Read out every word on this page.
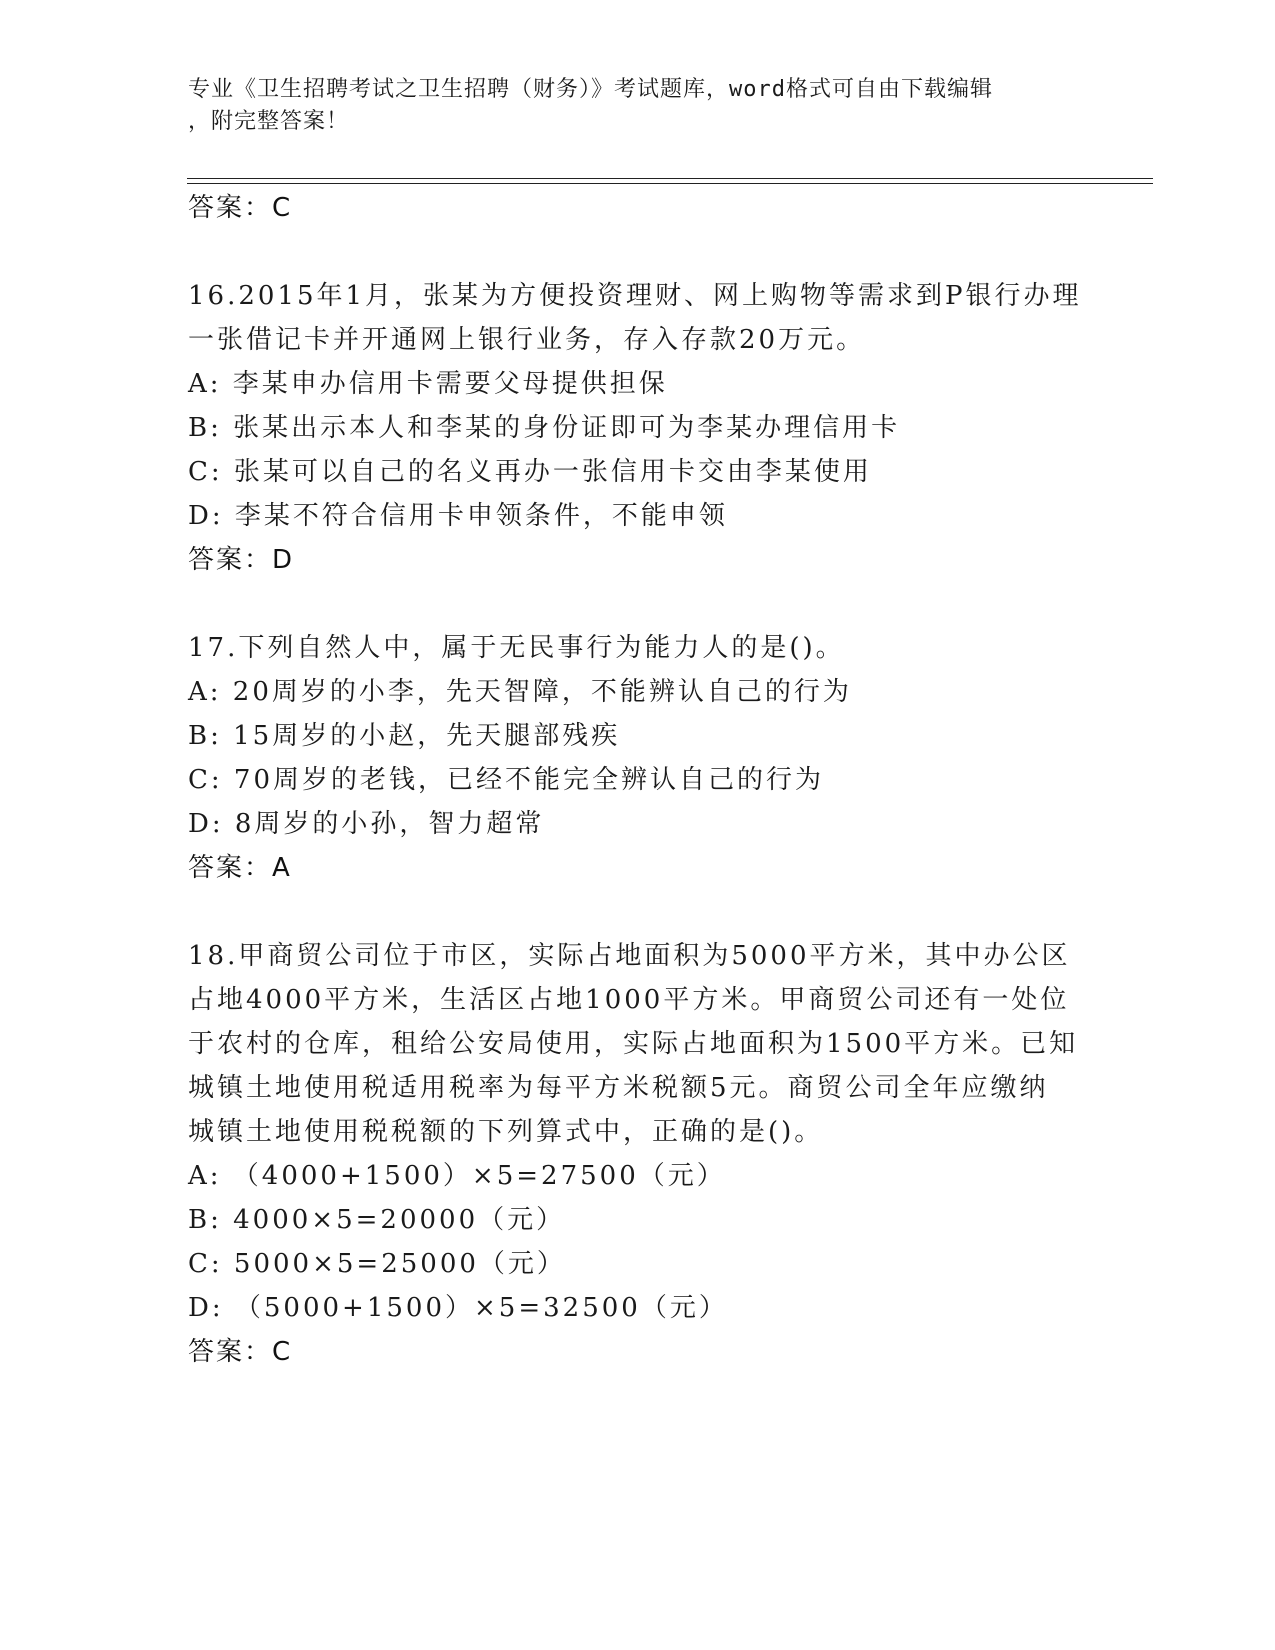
专业《卫生招聘考试之卫生招聘（财务）》考试题库，word格式可自由下载编辑
，附完整答案！
答案：C
16.2015年1月，张某为方便投资理财、网上购物等需求到P银行办理
一张借记卡并开通网上银行业务，存入存款20万元。
A: 李某申办信用卡需要父母提供担保
B: 张某出示本人和李某的身份证即可为李某办理信用卡
C: 张某可以自己的名义再办一张信用卡交由李某使用
D: 李某不符合信用卡申领条件，不能申领
答案：D
17.下列自然人中，属于无民事行为能力人的是()。
A: 20周岁的小李，先天智障，不能辨认自己的行为
B: 15周岁的小赵，先天腿部残疾
C: 70周岁的老钱，已经不能完全辨认自己的行为
D: 8周岁的小孙，智力超常
答案：A
18.甲商贸公司位于市区，实际占地面积为5000平方米，其中办公区
占地4000平方米，生活区占地1000平方米。甲商贸公司还有一处位
于农村的仓库，租给公安局使用，实际占地面积为1500平方米。已知
城镇土地使用税适用税率为每平方米税额5元。商贸公司全年应缴纳
城镇土地使用税税额的下列算式中，正确的是()。
A: （4000+1500）×5=27500（元）
B: 4000×5=20000（元）
C: 5000×5=25000（元）
D: （5000+1500）×5=32500（元）
答案：C
